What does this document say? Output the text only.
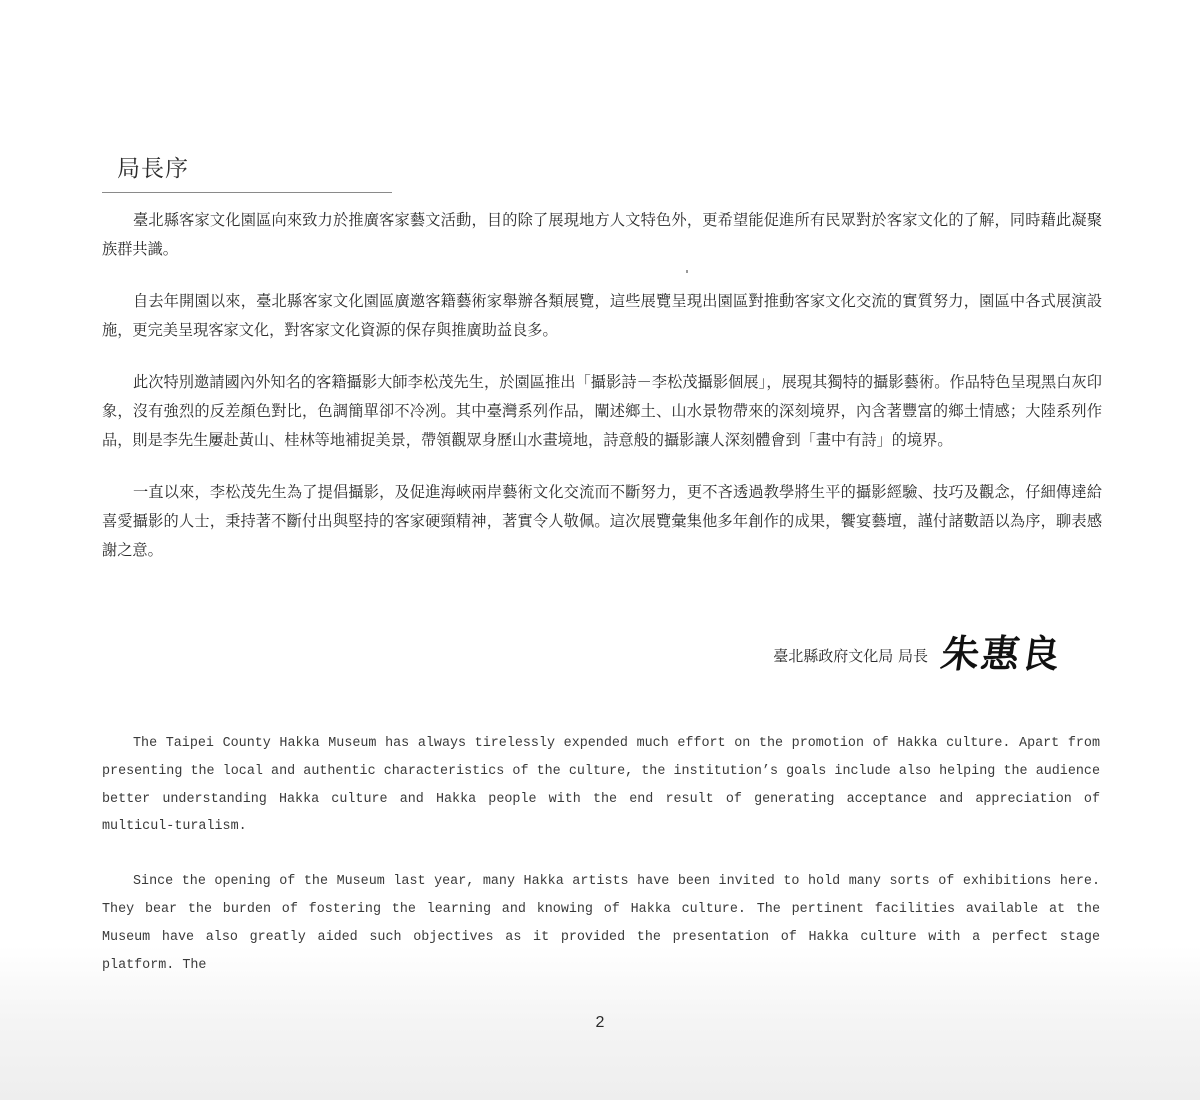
局長序

臺北縣客家文化園區向來致力於推廣客家藝文活動，目的除了展現地方人文特色外，更希望能促進所有民眾對於客家文化的了解，同時藉此凝聚族群共識。

自去年開園以來，臺北縣客家文化園區廣邀客籍藝術家舉辦各類展覽，這些展覽呈現出園區對推動客家文化交流的實質努力，園區中各式展演設施，更完美呈現客家文化，對客家文化資源的保存與推廣助益良多。

此次特別邀請國內外知名的客籍攝影大師李松茂先生，於園區推出「攝影詩－李松茂攝影個展」，展現其獨特的攝影藝術。作品特色呈現黑白灰印象，沒有強烈的反差顏色對比，色調簡單卻不冷冽。其中臺灣系列作品，闡述鄉土、山水景物帶來的深刻境界，內含著豐富的鄉土情感；大陸系列作品，則是李先生屢赴黃山、桂林等地補捉美景，帶領觀眾身歷山水畫境地，詩意般的攝影讓人深刻體會到「畫中有詩」的境界。

一直以來，李松茂先生為了提倡攝影，及促進海峽兩岸藝術文化交流而不斷努力，更不吝透過教學將生平的攝影經驗、技巧及觀念，仔細傳達給喜愛攝影的人士，秉持著不斷付出與堅持的客家硬頸精神，著實令人敬佩。這次展覽彙集他多年創作的成果，饗宴藝壇，謹付諸數語以為序，聊表感謝之意。

臺北縣政府文化局 局長 朱惠良

The Taipei County Hakka Museum has always tirelessly expended much effort on the promotion of Hakka culture. Apart from presenting the local and authentic characteristics of the culture, the institution’s goals include also helping the audience better understanding Hakka culture and Hakka people with the end result of generating acceptance and appreciation of multicul-turalism.

Since the opening of the Museum last year, many Hakka artists have been invited to hold many sorts of exhibitions here. They bear the burden of fostering the learning and knowing of Hakka culture. The pertinent facilities available at the Museum have also greatly aided such objectives as it provided the presentation of Hakka culture with a perfect stage platform. The

2
